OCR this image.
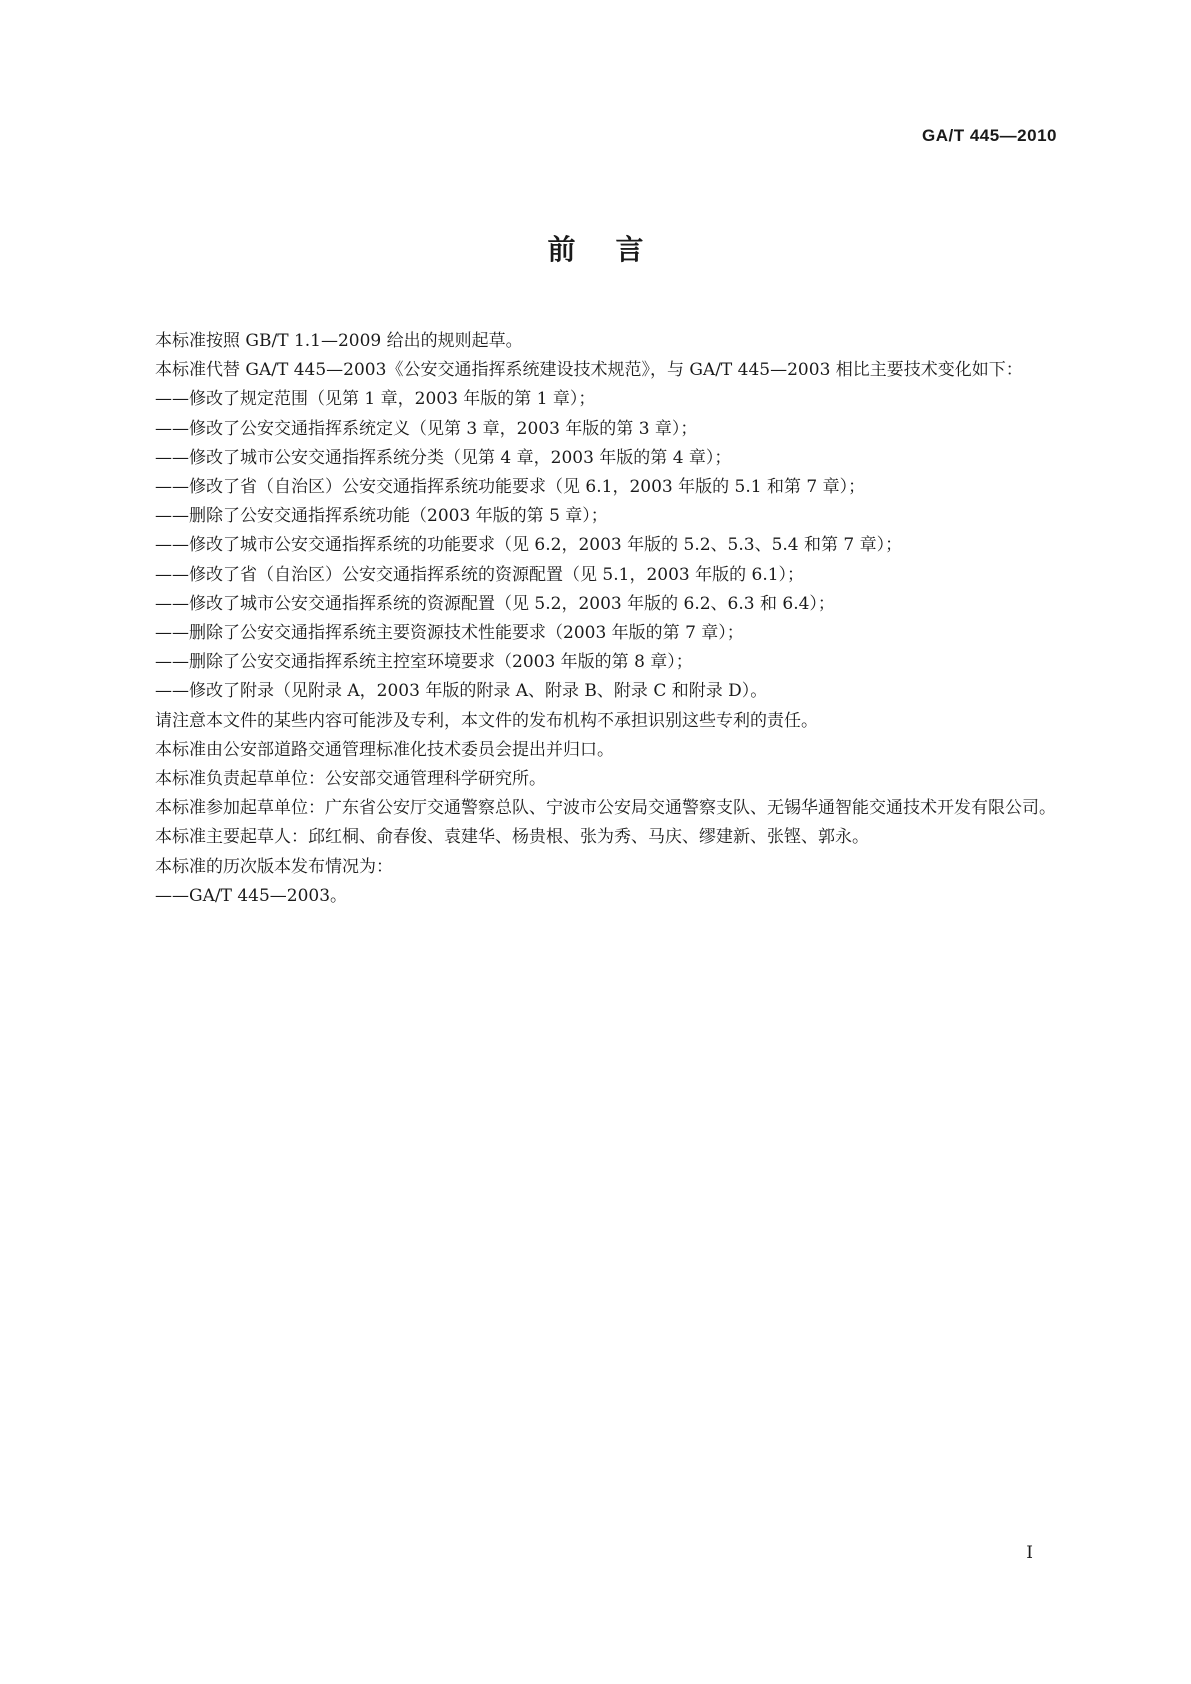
GA/T 445—2010
前言

本标准按照 GB/T 1.1—2009 给出的规则起草。

本标准代替 GA/T 445—2003《公安交通指挥系统建设技术规范》，与 GA/T 445—2003 相比主要技术变化如下：

——修改了规定范围（见第 1 章，2003 年版的第 1 章）；

——修改了公安交通指挥系统定义（见第 3 章，2003 年版的第 3 章）；

——修改了城市公安交通指挥系统分类（见第 4 章，2003 年版的第 4 章）；

——修改了省（自治区）公安交通指挥系统功能要求（见 6.1，2003 年版的 5.1 和第 7 章）；

——删除了公安交通指挥系统功能（2003 年版的第 5 章）；

——修改了城市公安交通指挥系统的功能要求（见 6.2，2003 年版的 5.2、5.3、5.4 和第 7 章）；

——修改了省（自治区）公安交通指挥系统的资源配置（见 5.1，2003 年版的 6.1）；

——修改了城市公安交通指挥系统的资源配置（见 5.2，2003 年版的 6.2、6.3 和 6.4）；

——删除了公安交通指挥系统主要资源技术性能要求（2003 年版的第 7 章）；

——删除了公安交通指挥系统主控室环境要求（2003 年版的第 8 章）；

——修改了附录（见附录 A，2003 年版的附录 A、附录 B、附录 C 和附录 D）。

请注意本文件的某些内容可能涉及专利，本文件的发布机构不承担识别这些专利的责任。

本标准由公安部道路交通管理标准化技术委员会提出并归口。

本标准负责起草单位：公安部交通管理科学研究所。

本标准参加起草单位：广东省公安厅交通警察总队、宁波市公安局交通警察支队、无锡华通智能交通技术开发有限公司。

本标准主要起草人：邱红桐、俞春俊、袁建华、杨贵根、张为秀、马庆、缪建新、张铿、郭永。

本标准的历次版本发布情况为：

——GA/T 445—2003。

I
